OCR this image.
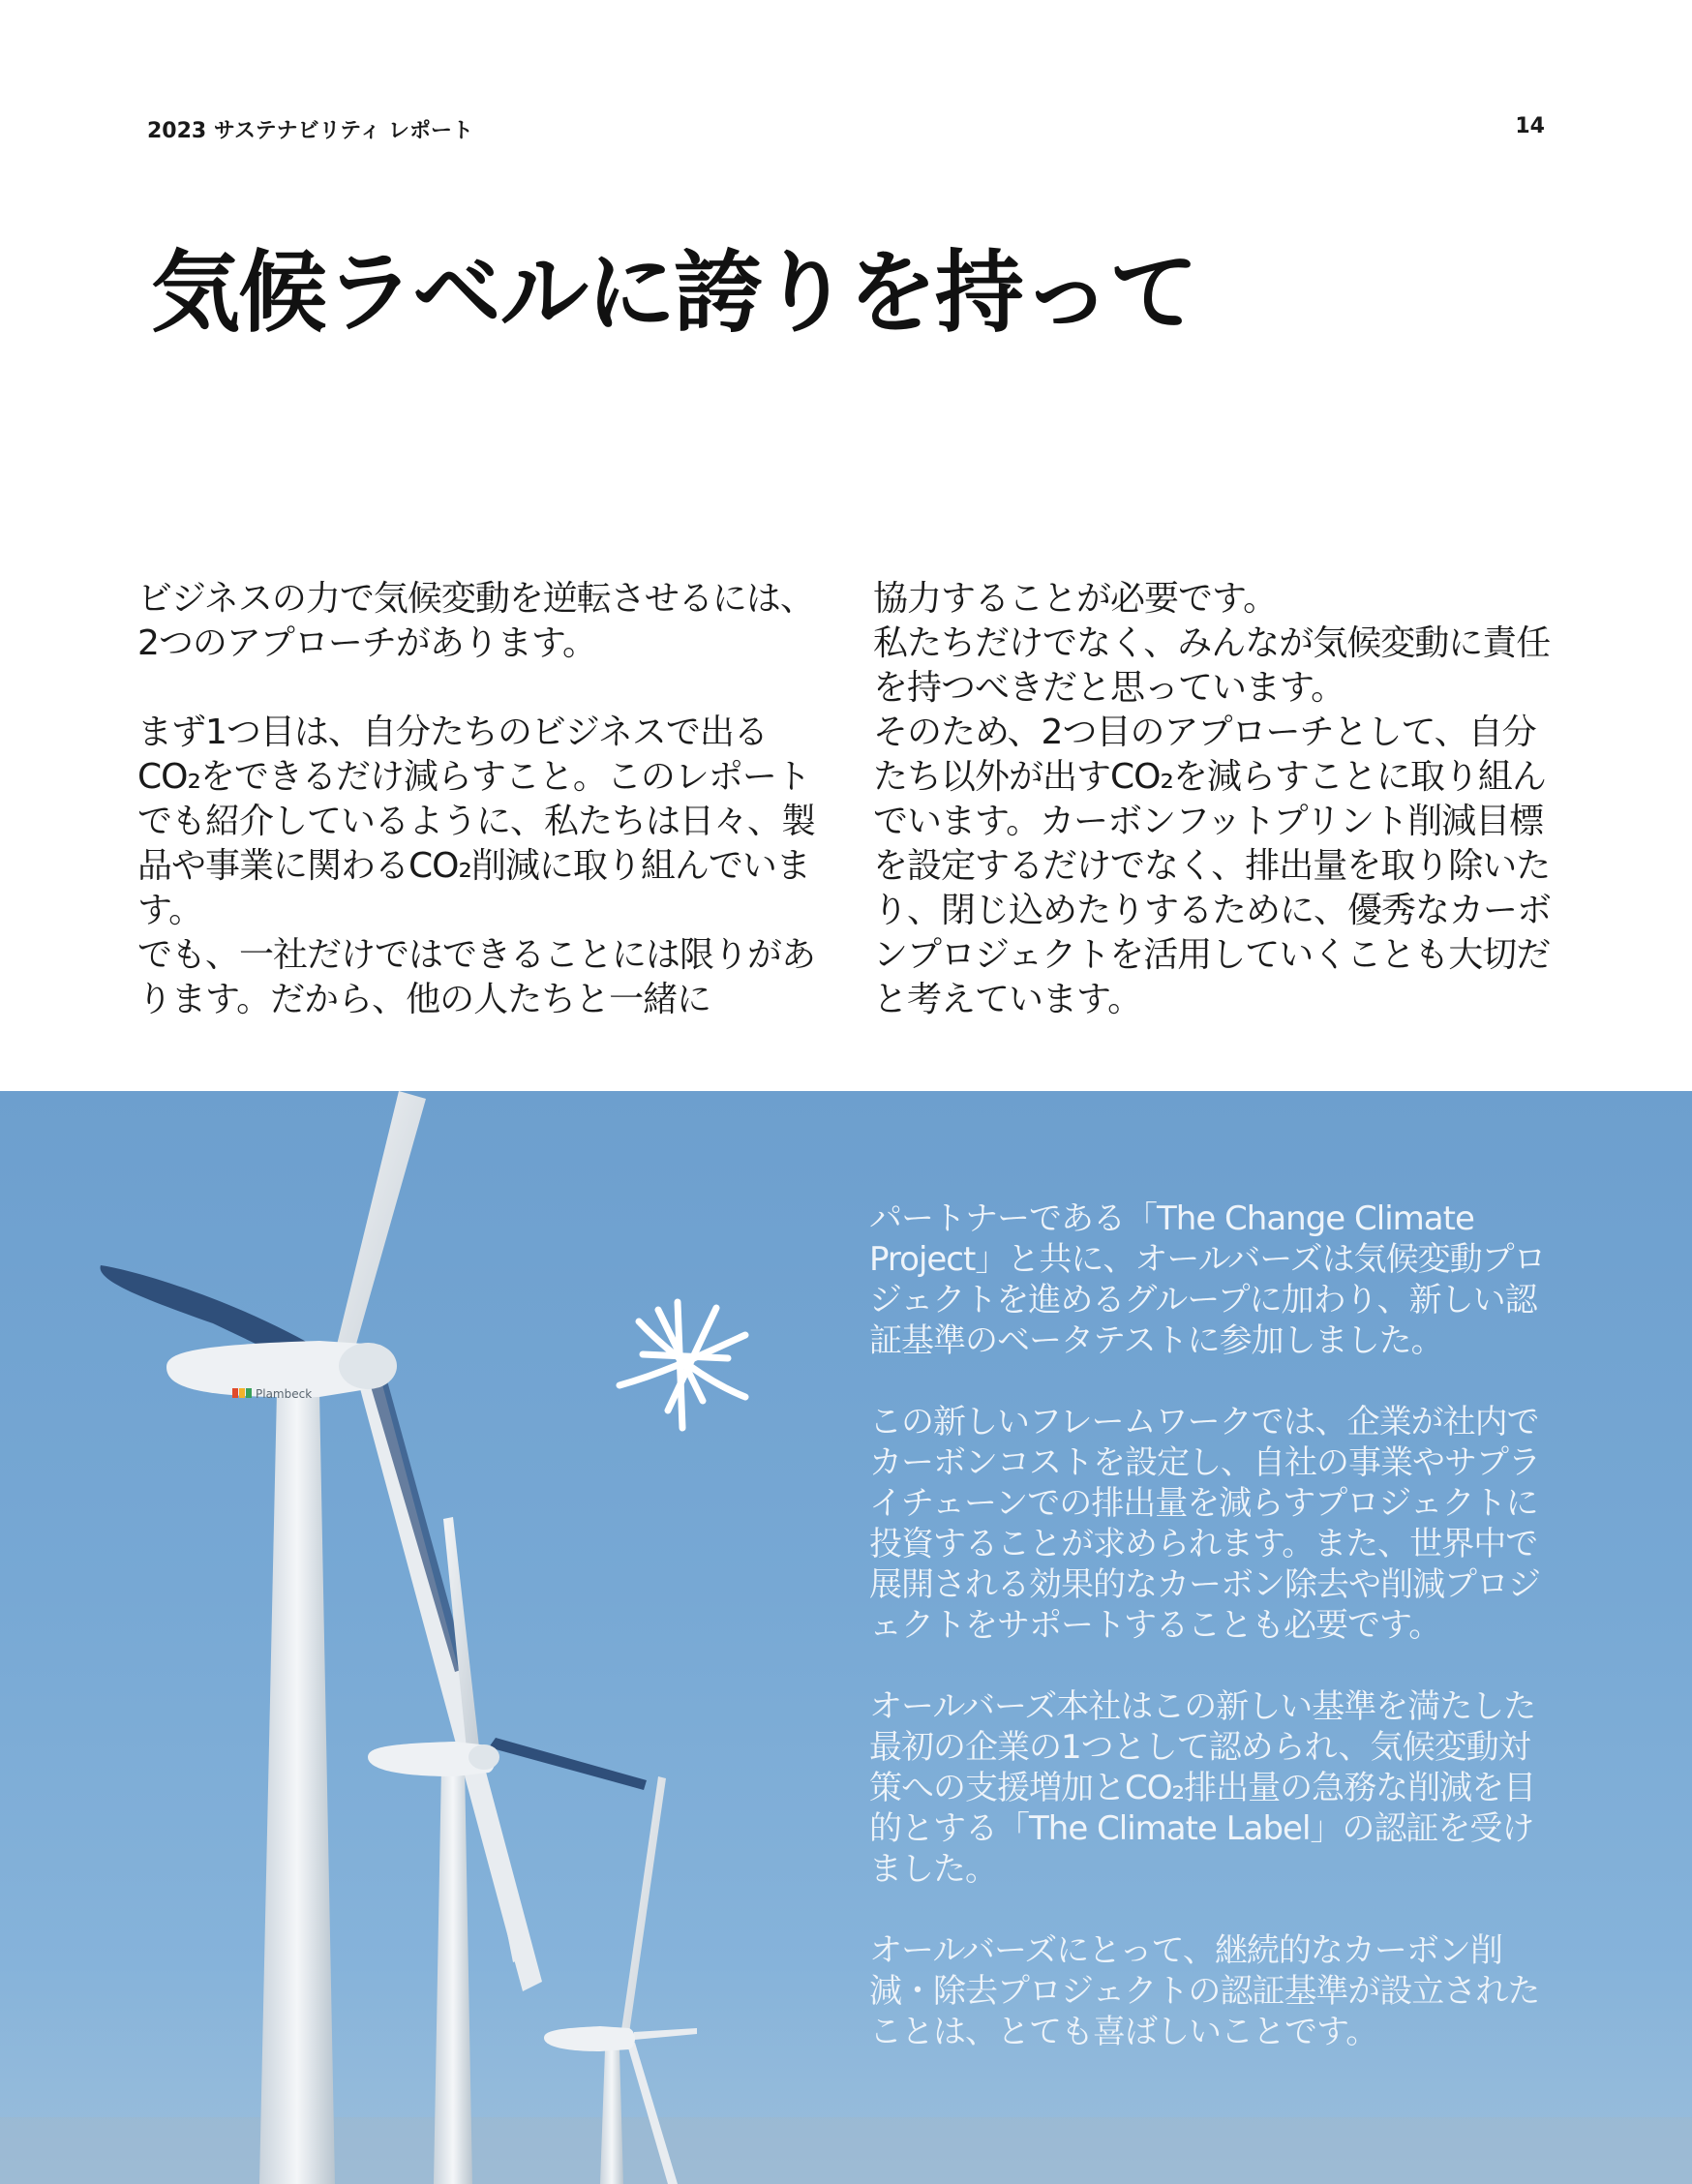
2023 サステナビリティ レポート	14
気候ラベルに誇りを持って

ビジネスの力で気候変動を逆転させるには、2つのアプローチがあります。

まず1つ目は、自分たちのビジネスで出るCO₂をできるだけ減らすこと。このレポートでも紹介しているように、私たちは日々、製品や事業に関わるCO₂削減に取り組んでいます。

でも、一社だけではできることには限りがあります。だから、他の人たちと一緒に

協力することが必要です。

私たちだけでなく、みんなが気候変動に責任を持つべきだと思っています。

そのため、2つ目のアプローチとして、自分たち以外が出すCO₂を減らすことに取り組んでいます。カーボンフットプリント削減目標を設定するだけでなく、排出量を取り除いたり、閉じ込めたりするために、優秀なカーボンプロジェクトを活用していくことも大切だと考えています。

Plambeck

パートナーである「The Change Climate Project」と共に、オールバーズは気候変動プロジェクトを進めるグループに加わり、新しい認証基準のベータテストに参加しました。

この新しいフレームワークでは、企業が社内でカーボンコストを設定し、自社の事業やサプライチェーンでの排出量を減らすプロジェクトに投資することが求められます。また、世界中で展開される効果的なカーボン除去や削減プロジェクトをサポートすることも必要です。

オールバーズ本社はこの新しい基準を満たした最初の企業の1つとして認められ、気候変動対策への支援増加とCO₂排出量の急務な削減を目的とする「The Climate Label」の認証を受けました。

オールバーズにとって、継続的なカーボン削減・除去プロジェクトの認証基準が設立されたことは、とても喜ばしいことです。
